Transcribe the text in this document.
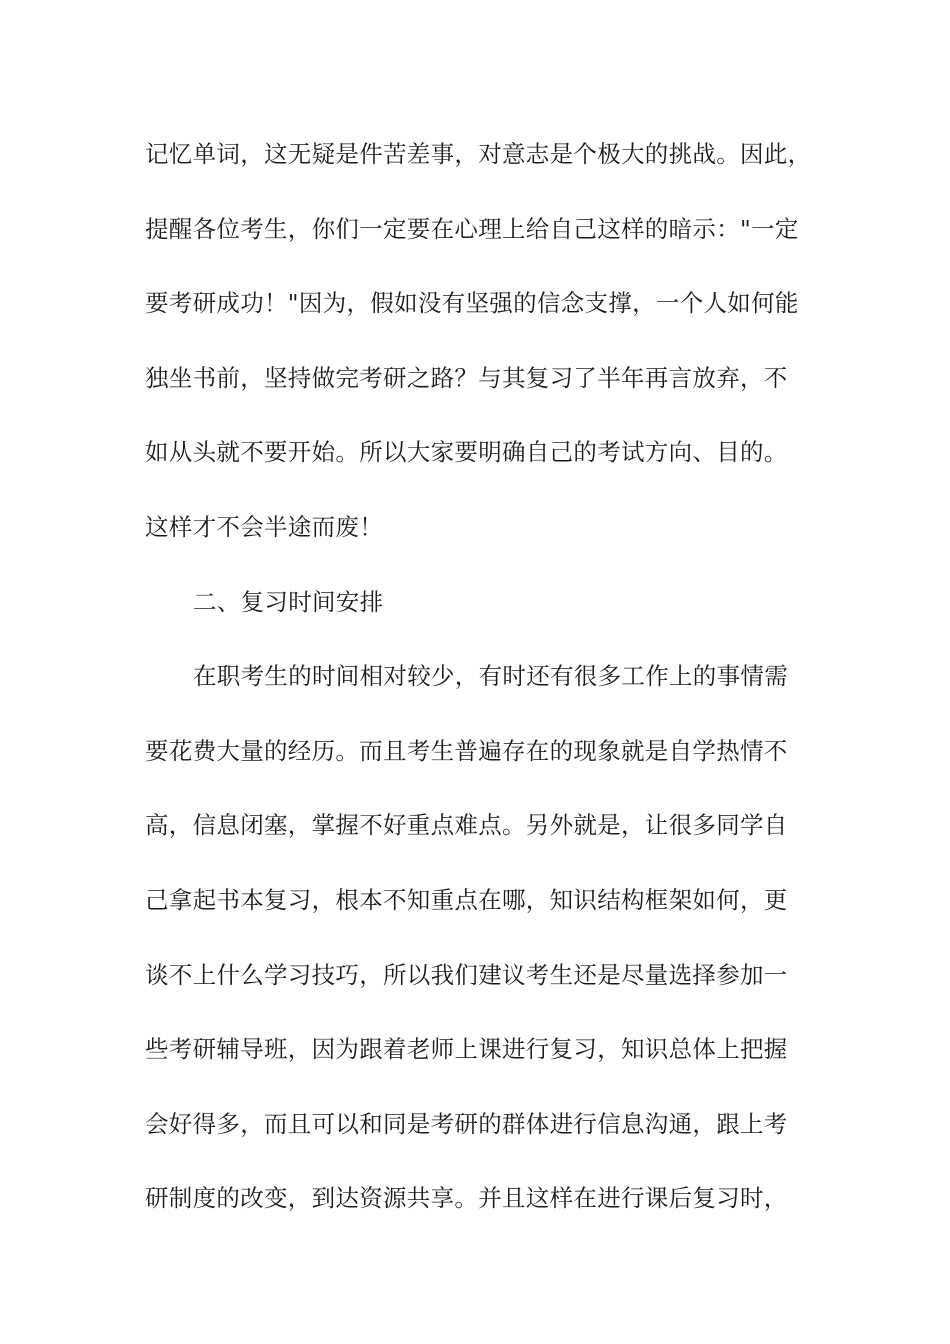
记忆单词，这无疑是件苦差事，对意志是个极大的挑战。因此，
提醒各位考生，你们一定要在心理上给自己这样的暗示："一定
要考研成功！"因为，假如没有坚强的信念支撑，一个人如何能
独坐书前，坚持做完考研之路？与其复习了半年再言放弃，不
如从头就不要开始。所以大家要明确自己的考试方向、目的。
这样才不会半途而废！
二、复习时间安排
在职考生的时间相对较少，有时还有很多工作上的事情需
要花费大量的经历。而且考生普遍存在的现象就是自学热情不
高，信息闭塞，掌握不好重点难点。另外就是，让很多同学自
己拿起书本复习，根本不知重点在哪，知识结构框架如何，更
谈不上什么学习技巧，所以我们建议考生还是尽量选择参加一
些考研辅导班，因为跟着老师上课进行复习，知识总体上把握
会好得多，而且可以和同是考研的群体进行信息沟通，跟上考
研制度的改变，到达资源共享。并且这样在进行课后复习时，
